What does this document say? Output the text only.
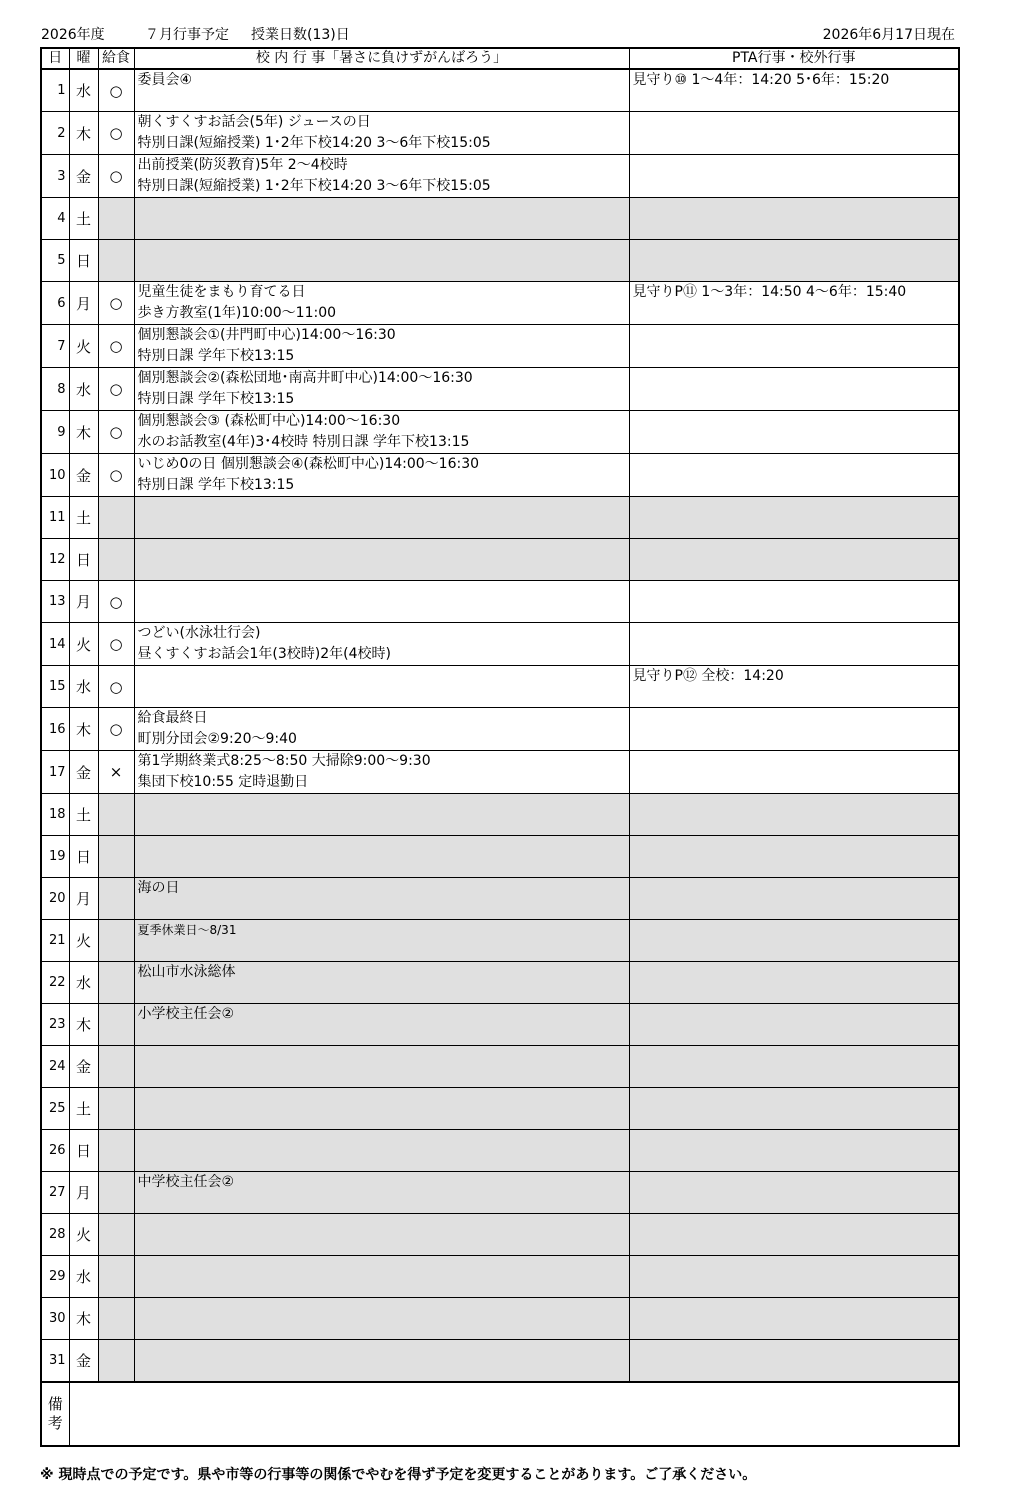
2026年度	７月行事予定 授業日数(13)日	2026年6月17日現在
日	曜	給食	校 内 行 事「暑さに負けずがんばろう」	PTA行事・校外行事
1	水	○	委員会④	見守り⑩ 1～4年：14:20 5･6年：15:20

2	木	○	朝くすくすお話会(5年) ジュースの日
特別日課(短縮授業) 1･2年下校14:20 3～6年下校15:05	

3	金	○	出前授業(防災教育)5年 2～4校時
特別日課(短縮授業) 1･2年下校14:20 3～6年下校15:05	

4	土			
5	日			
6	月	○	児童生徒をまもり育てる日
歩き方教室(1年)10:00～11:00	見守りP⑪ 1～3年：14:50 4～6年：15:40

7	火	○	個別懇談会①(井門町中心)14:00～16:30
特別日課 学年下校13:15	

8	水	○	個別懇談会②(森松団地･南高井町中心)14:00～16:30
特別日課 学年下校13:15	

9	木	○	個別懇談会③ (森松町中心)14:00～16:30
水のお話教室(4年)3･4校時 特別日課 学年下校13:15	

10	金	○	いじめ0の日 個別懇談会④(森松町中心)14:00～16:30
特別日課 学年下校13:15	

11	土			
12	日			
13	月	○		
14	火	○	つどい(水泳壮行会)
昼くすくすお話会1年(3校時)2年(4校時)	

15	水	○		見守りP⑫ 全校：14:20

16	木	○	給食最終日
町別分団会②9:20～9:40	

17	金	×	第1学期終業式8:25～8:50 大掃除9:00～9:30
集団下校10:55 定時退勤日	

18	土			
19	日			
20	月		海の日	

21	火		夏季休業日～8/31	

22	水		松山市水泳総体	

23	木		小学校主任会②	

24	金			
25	土			
26	日			
27	月		中学校主任会②	

28	火			
29	水			
30	木			
31	金			
備考				
※ 現時点での予定です。県や市等の行事等の関係でやむを得ず予定を変更することがあります。ご了承ください。
